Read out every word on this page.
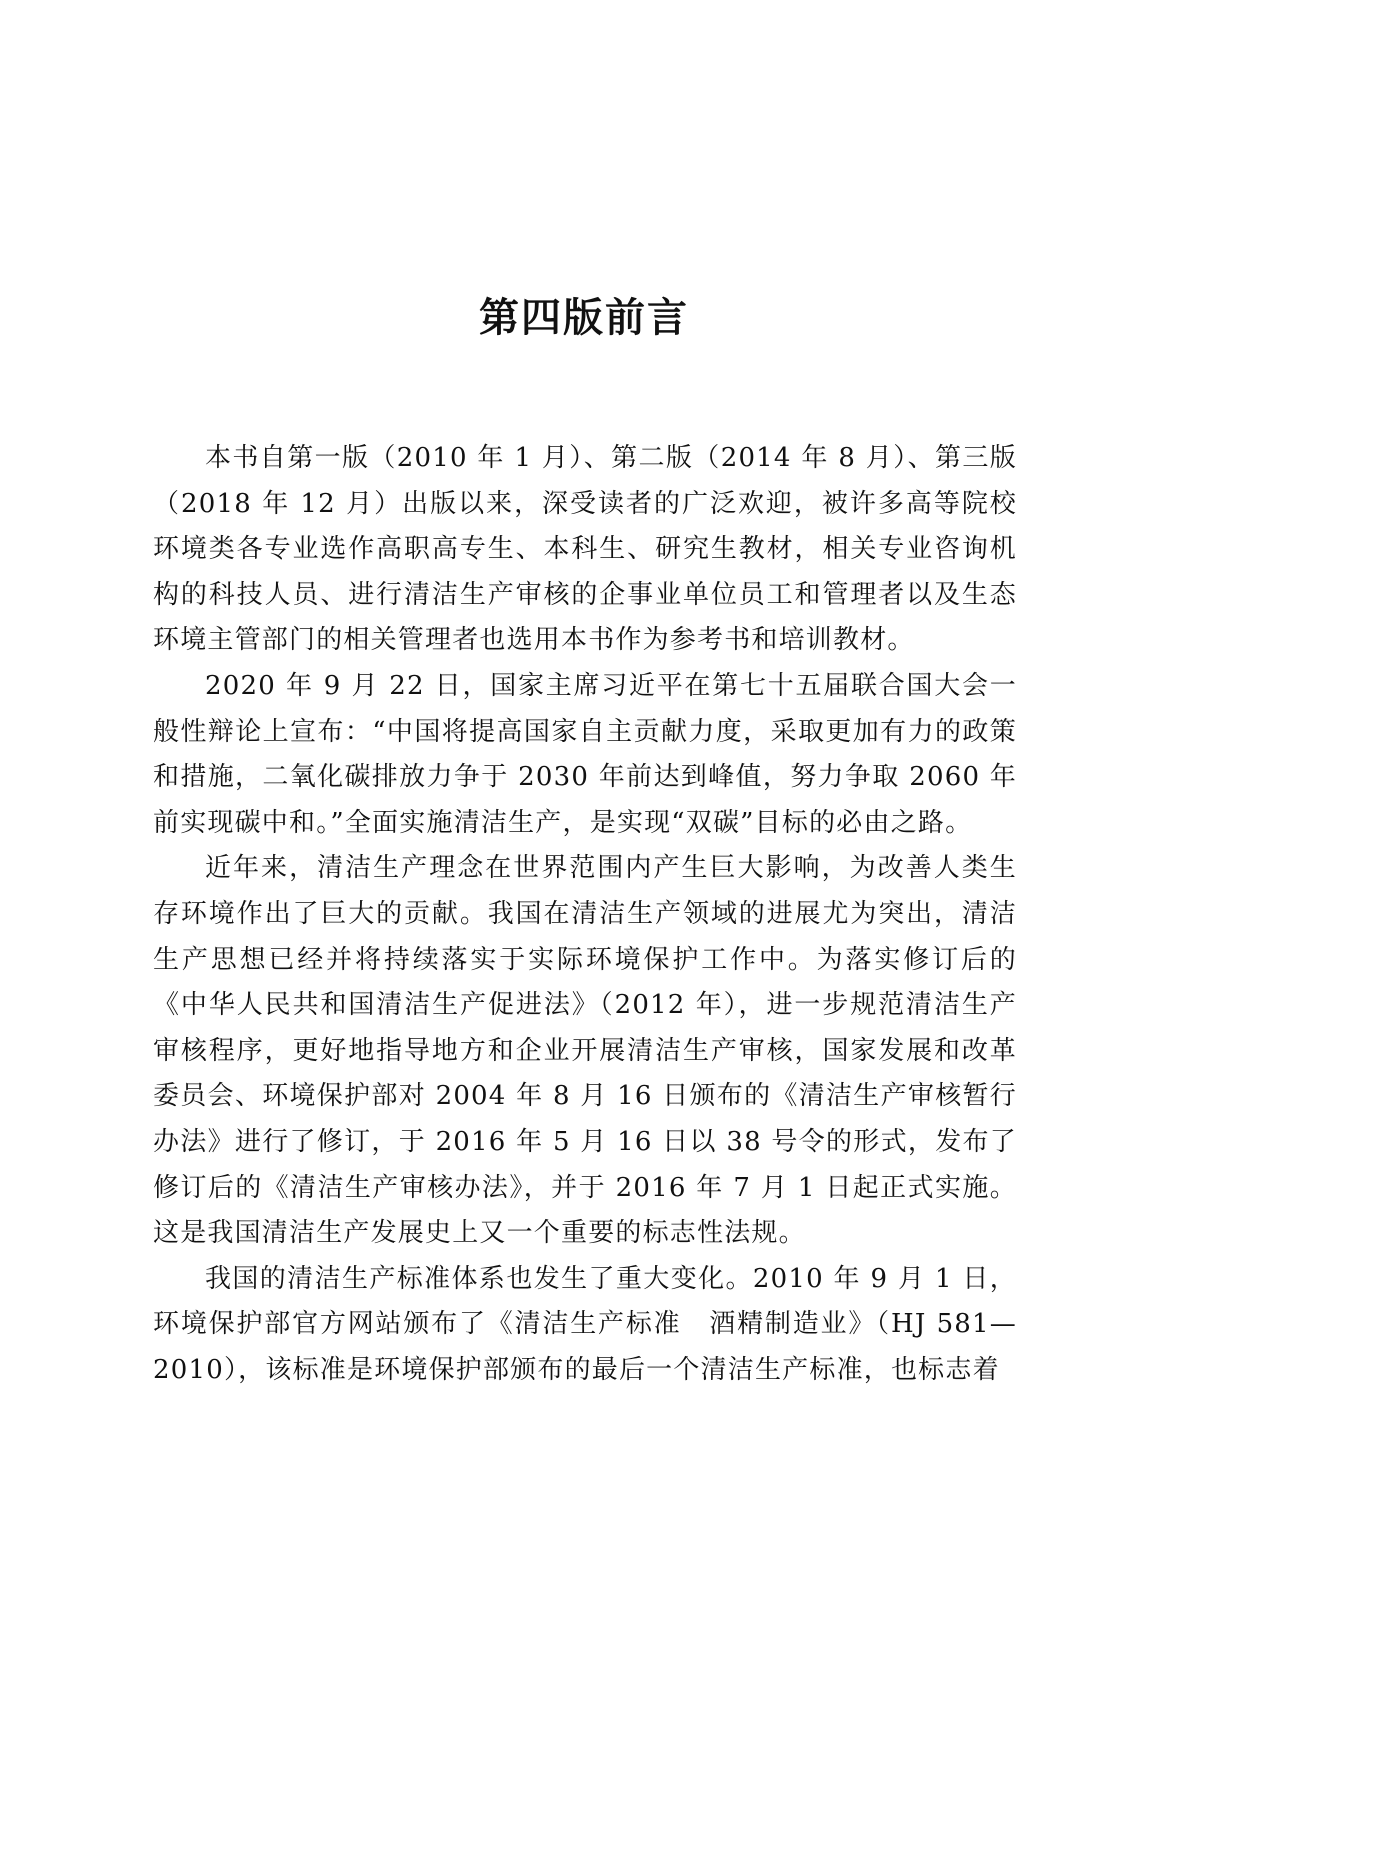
第四版前言

本书自第一版（2010 年 1 月）、第二版（2014 年 8 月）、第三版（2018 年 12 月）出版以来，深受读者的广泛欢迎，被许多高等院校环境类各专业选作高职高专生、本科生、研究生教材，相关专业咨询机构的科技人员、进行清洁生产审核的企事业单位员工和管理者以及生态环境主管部门的相关管理者也选用本书作为参考书和培训教材。

2020 年 9 月 22 日，国家主席习近平在第七十五届联合国大会一般性辩论上宣布：“中国将提高国家自主贡献力度，采取更加有力的政策和措施，二氧化碳排放力争于 2030 年前达到峰值，努力争取 2060 年前实现碳中和。”全面实施清洁生产，是实现“双碳”目标的必由之路。

近年来，清洁生产理念在世界范围内产生巨大影响，为改善人类生存环境作出了巨大的贡献。我国在清洁生产领域的进展尤为突出，清洁生产思想已经并将持续落实于实际环境保护工作中。为落实修订后的《中华人民共和国清洁生产促进法》（2012 年），进一步规范清洁生产审核程序，更好地指导地方和企业开展清洁生产审核，国家发展和改革委员会、环境保护部对 2004 年 8 月 16 日颁布的《清洁生产审核暂行办法》进行了修订，于 2016 年 5 月 16 日以 38 号令的形式，发布了修订后的《清洁生产审核办法》，并于 2016 年 7 月 1 日起正式实施。这是我国清洁生产发展史上又一个重要的标志性法规。

我国的清洁生产标准体系也发生了重大变化。2010 年 9 月 1 日，环境保护部官方网站颁布了《清洁生产标准　酒精制造业》（HJ 581—2010），该标准是环境保护部颁布的最后一个清洁生产标准，也标志着
